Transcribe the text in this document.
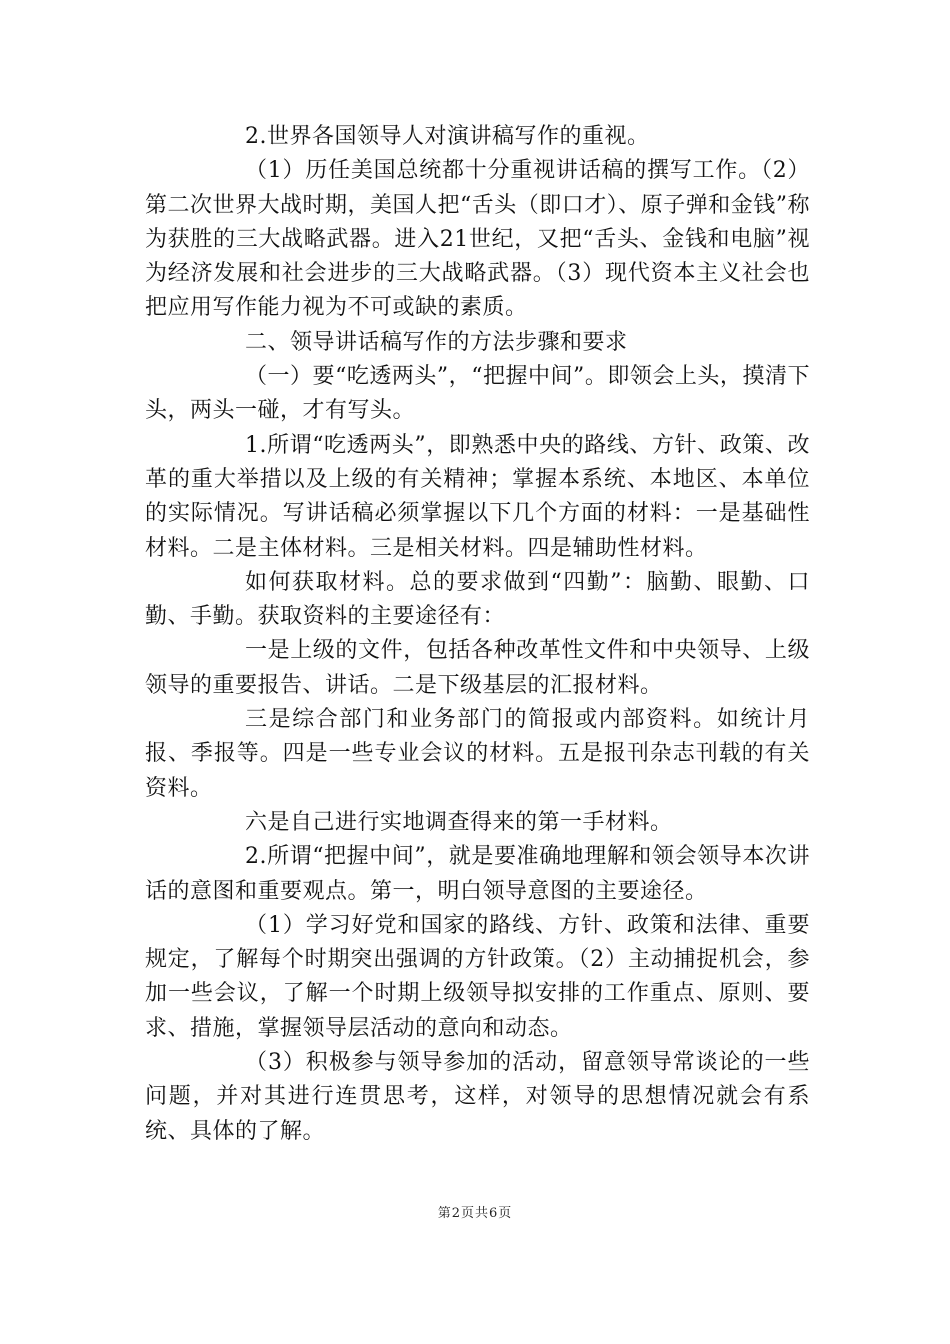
2.世界各国领导人对演讲稿写作的重视。

（1）历任美国总统都十分重视讲话稿的撰写工作。（2）第二次世界大战时期，美国人把“舌头（即口才）、原子弹和金钱”称为获胜的三大战略武器。进入21世纪，又把“舌头、金钱和电脑”视为经济发展和社会进步的三大战略武器。（3）现代资本主义社会也把应用写作能力视为不可或缺的素质。

二、领导讲话稿写作的方法步骤和要求

（一）要“吃透两头”，“把握中间”。即领会上头，摸清下头，两头一碰，才有写头。

1.所谓“吃透两头”，即熟悉中央的路线、方针、政策、改革的重大举措以及上级的有关精神；掌握本系统、本地区、本单位的实际情况。写讲话稿必须掌握以下几个方面的材料：一是基础性材料。二是主体材料。三是相关材料。四是辅助性材料。

如何获取材料。总的要求做到“四勤”：脑勤、眼勤、口勤、手勤。获取资料的主要途径有：

一是上级的文件，包括各种改革性文件和中央领导、上级领导的重要报告、讲话。二是下级基层的汇报材料。

三是综合部门和业务部门的简报或内部资料。如统计月报、季报等。四是一些专业会议的材料。五是报刊杂志刊载的有关资料。

六是自己进行实地调查得来的第一手材料。

2.所谓“把握中间”，就是要准确地理解和领会领导本次讲话的意图和重要观点。第一，明白领导意图的主要途径。

（1）学习好党和国家的路线、方针、政策和法律、重要规定，了解每个时期突出强调的方针政策。（2）主动捕捉机会，参加一些会议，了解一个时期上级领导拟安排的工作重点、原则、要求、措施，掌握领导层活动的意向和动态。

（3）积极参与领导参加的活动，留意领导常谈论的一些问题，并对其进行连贯思考，这样，对领导的思想情况就会有系统、具体的了解。

第2页共6页
